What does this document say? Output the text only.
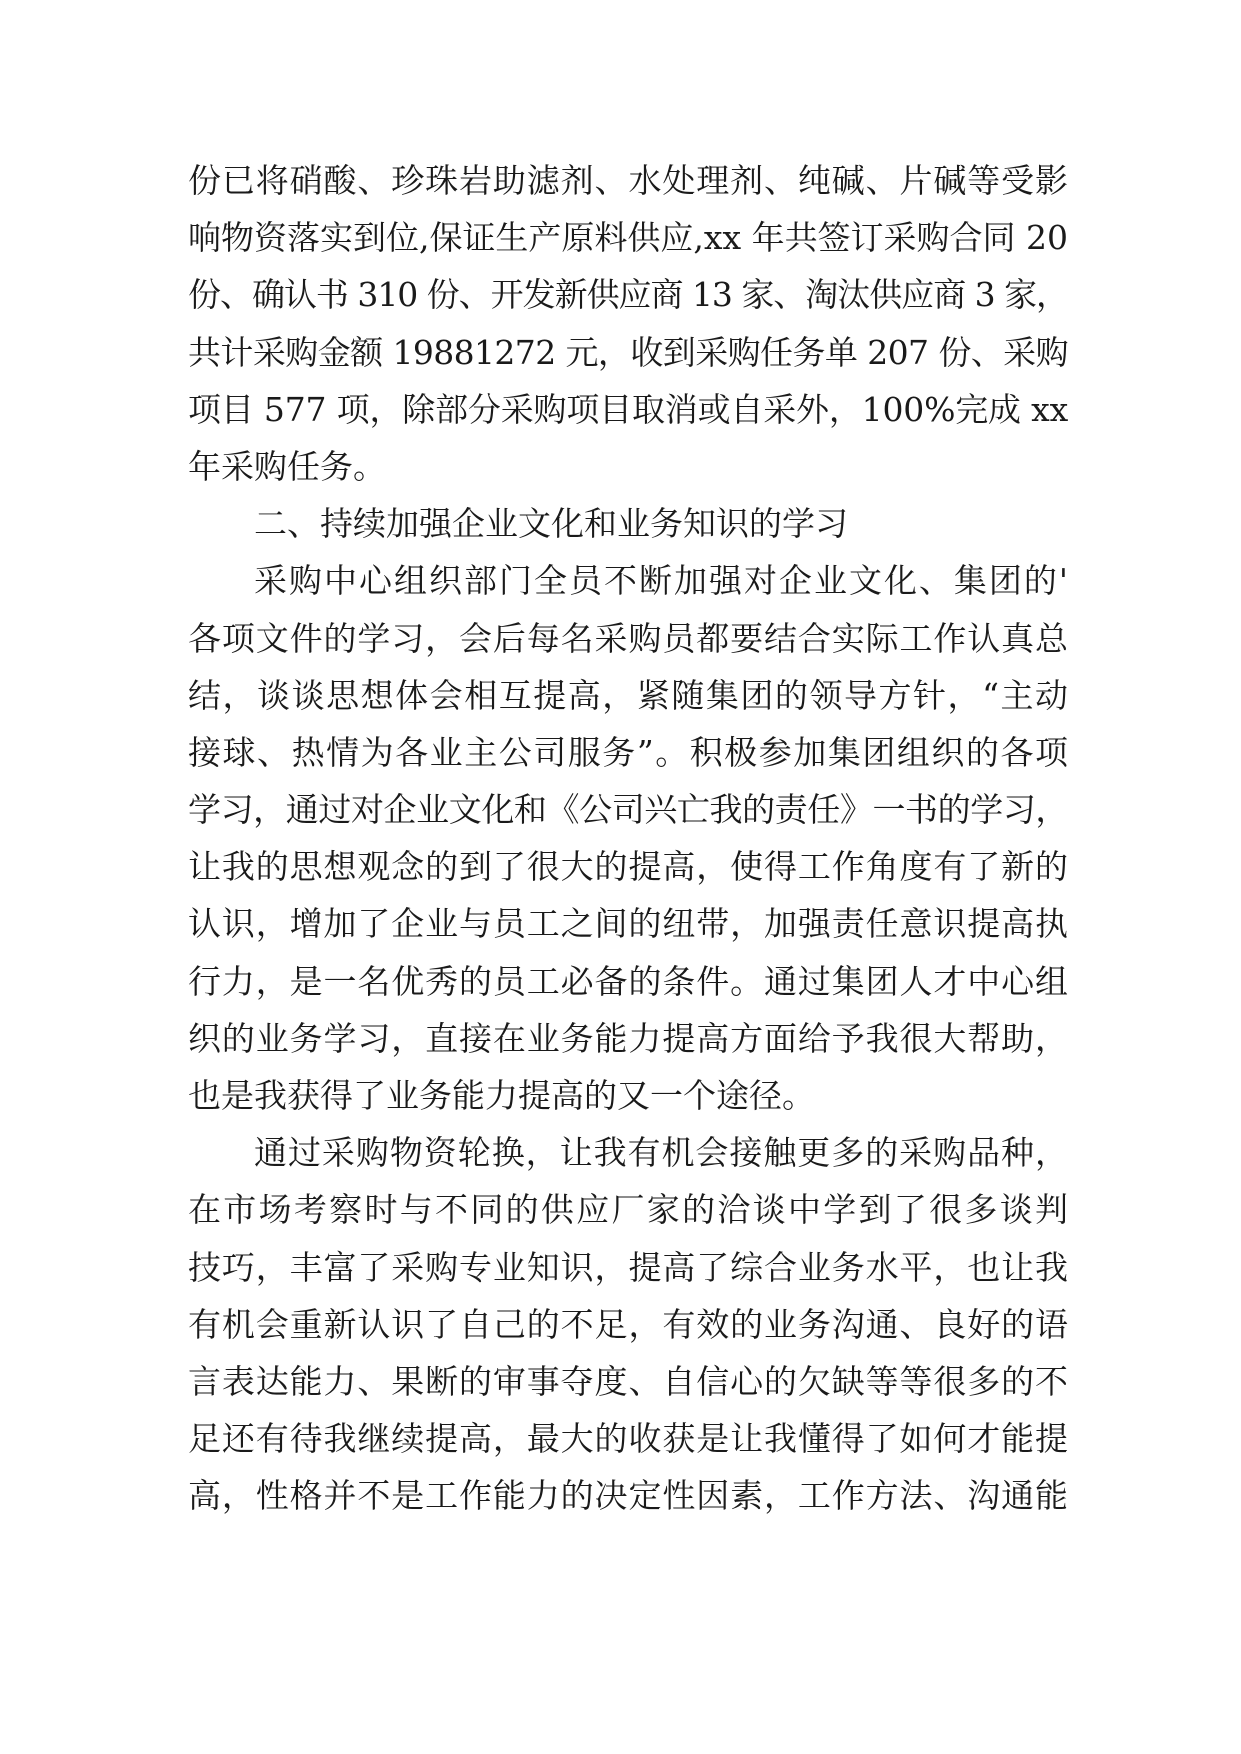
份已将硝酸、珍珠岩助滤剂、水处理剂、纯碱、片碱等受影
响物资落实到位,保证生产原料供应,xx 年共签订采购合同 20
份、确认书 310 份、开发新供应商 13 家、淘汰供应商 3 家，
共计采购金额 19881272 元，收到采购任务单 207 份、采购
项目 577 项，除部分采购项目取消或自采外，100%完成 xx
年采购任务。
二、持续加强企业文化和业务知识的学习
采购中心组织部门全员不断加强对企业文化、集团的'
各项文件的学习，会后每名采购员都要结合实际工作认真总
结，谈谈思想体会相互提高，紧随集团的领导方针，“主动
接球、热情为各业主公司服务”。积极参加集团组织的各项
学习，通过对企业文化和《公司兴亡我的责任》一书的学习，
让我的思想观念的到了很大的提高，使得工作角度有了新的
认识，增加了企业与员工之间的纽带，加强责任意识提高执
行力，是一名优秀的员工必备的条件。通过集团人才中心组
织的业务学习，直接在业务能力提高方面给予我很大帮助，
也是我获得了业务能力提高的又一个途径。
通过采购物资轮换，让我有机会接触更多的采购品种，
在市场考察时与不同的供应厂家的洽谈中学到了很多谈判
技巧，丰富了采购专业知识，提高了综合业务水平，也让我
有机会重新认识了自己的不足，有效的业务沟通、良好的语
言表达能力、果断的审事夺度、自信心的欠缺等等很多的不
足还有待我继续提高，最大的收获是让我懂得了如何才能提
高，性格并不是工作能力的决定性因素，工作方法、沟通能
